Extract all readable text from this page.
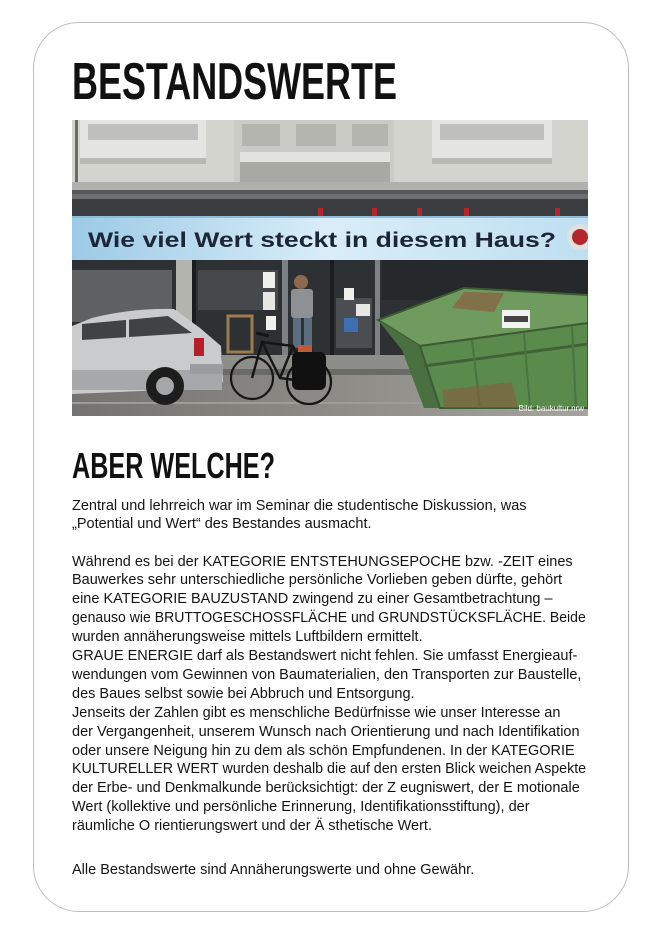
BESTANDSWERTE
Wie viel Wert steckt in diesem Haus?
Bild: baukultur.nrw
ABER WELCHE?
Zentral und lehrreich war im Seminar die studentische Diskussion, was
„Potential und Wert“ des Bestandes ausmacht.
Während es bei der KATEGORIE ENTSTEHUNGSEPOCHE bzw. -ZEIT eines
Bauwerkes sehr unterschiedliche persönliche Vorlieben geben dürfte, gehört
eine KATEGORIE BAUZUSTAND zwingend zu einer Gesamtbetrachtung –
genauso wie BRUTTOGESCHOSSFLÄCHE und GRUNDSTÜCKSFLÄCHE. Beide
wurden annäherungsweise mittels Luftbildern ermittelt.
GRAUE ENERGIE darf als Bestandswert nicht fehlen. Sie umfasst Energieauf-
wendungen vom Gewinnen von Baumaterialien, den Transporten zur Baustelle,
des Baues selbst sowie bei Abbruch und Entsorgung.
Jenseits der Zahlen gibt es menschliche Bedürfnisse wie unser Interesse an
der Vergangenheit, unserem Wunsch nach Orientierung und nach Identifikation
oder unsere Neigung hin zu dem als schön Empfundenen. In der KATEGORIE
KULTURELLER WERT wurden deshalb die auf den ersten Blick weichen Aspekte
der Erbe- und Denkmalkunde berücksichtigt: der Z eugniswert, der E motionale
Wert (kollektive und persönliche Erinnerung, Identifikationsstiftung), der
räumliche O rientierungswert und der Ä sthetische Wert.
Alle Bestandswerte sind Annäherungswerte und ohne Gewähr.
